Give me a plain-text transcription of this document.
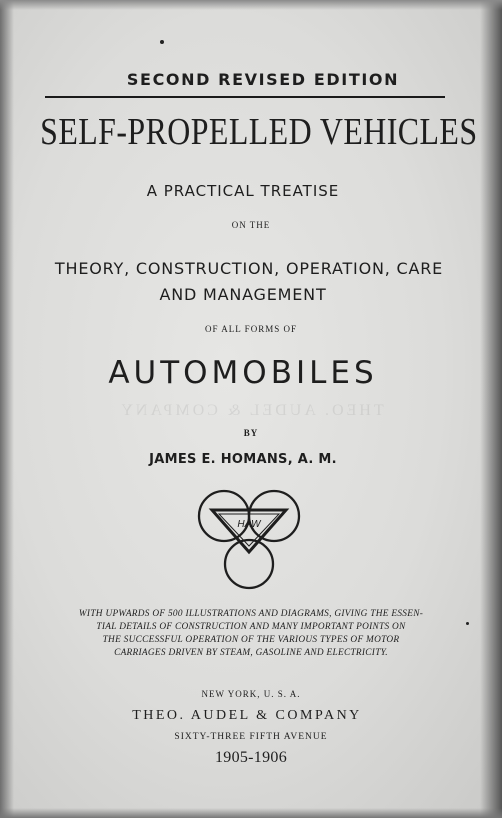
SECOND REVISED EDITION
SELF-PROPELLED VEHICLES
A PRACTICAL TREATISE
ON THE
THEORY, CONSTRUCTION, OPERATION, CARE
AND MANAGEMENT
OF ALL FORMS OF
AUTOMOBILES
THEO. AUDEL & COMPANY
BY
JAMES E. HOMANS, A. M.
HAW

WITH UPWARDS OF 500 ILLUSTRATIONS AND DIAGRAMS, GIVING THE ESSEN-
TIAL DETAILS OF CONSTRUCTION AND MANY IMPORTANT POINTS ON
THE SUCCESSFUL OPERATION OF THE VARIOUS TYPES OF MOTOR
CARRIAGES DRIVEN BY STEAM, GASOLINE AND ELECTRICITY.

NEW YORK, U. S. A.
THEO. AUDEL & COMPANY
SIXTY-THREE FIFTH AVENUE
1905-1906
